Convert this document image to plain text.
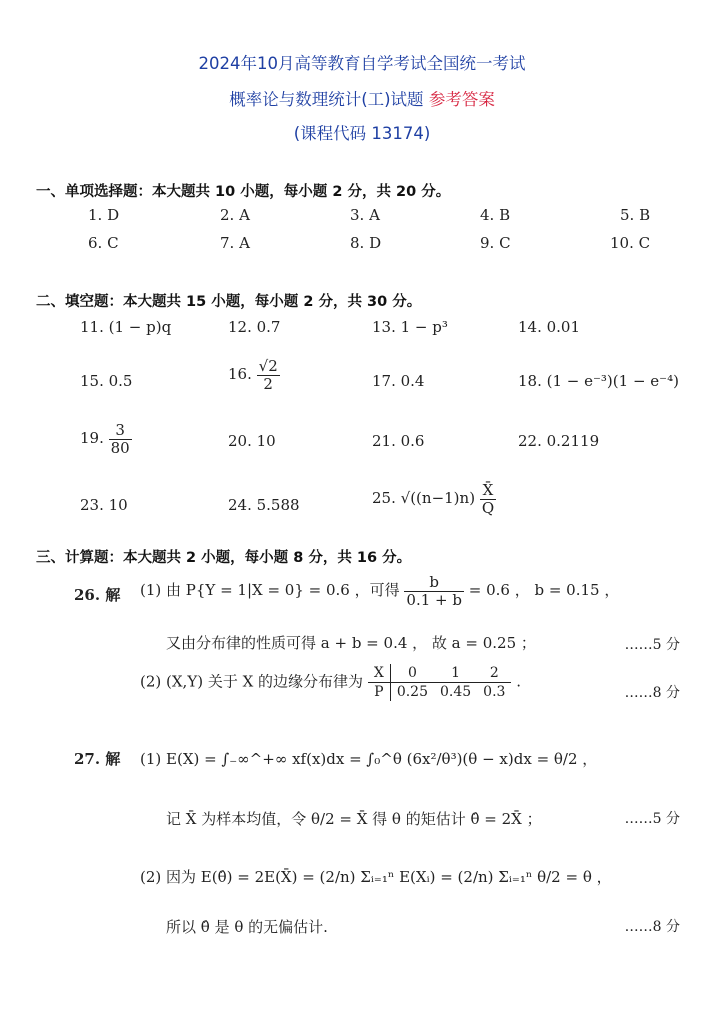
2024年10月高等教育自学考试全国统一考试
概率论与数理统计(工)试题 参考答案
(课程代码 13174)
一、单项选择题：本大题共 10 小题，每小题 2 分，共 20 分。
1. D	2. A	3. A	4. B	5. B
6. C	7. A	8. D	9. C	10. C
二、填空题：本大题共 15 小题，每小题 2 分，共 30 分。
11. (1 − p)q	12. 0.7	13. 1 − p³	14. 0.01
15. 0.5	16. $\frac{√2}{2}$	17. 0.4	18. (1 − e⁻³)(1 − e⁻⁴)
19. $\frac{3}{80}$	20. 10	21. 0.6	22. 0.2119
23. 10	24. 5.588	25. $√((n-1)n) \frac{X̄}{Q}$
三、计算题：本大题共 2 小题，每小题 8 分，共 16 分。
26. 解 (1) 由 P{Y = 1|X = 0} = 0.6 ，可得 $\frac{b}{0.1 + b} = 0.6$ ， b = 0.15 ，
又由分布律的性质可得 a + b = 0.4 ， 故 a = 0.25 ；	……5 分
(2) (X,Y) 关于 X 的边缘分布律为 X	0	1	2
P	0.25	0.45	0.3
.
……8 分
27. 解 (1) E(X) = ∫₋∞^+∞ xf(x)dx = ∫₀^θ (6x²/θ³)(θ − x)dx = θ/2 ，
记 X̄ 为样本均值，令 θ/2 = X̄ 得 θ 的矩估计 θ̂ = 2X̄ ；	……5 分
(2) 因为 E(θ̂) = 2E(X̄) = (2/n) Σᵢ₌₁ⁿ E(Xᵢ) = (2/n) Σᵢ₌₁ⁿ θ/2 = θ ，
所以 θ̂ 是 θ 的无偏估计.	……8 分
